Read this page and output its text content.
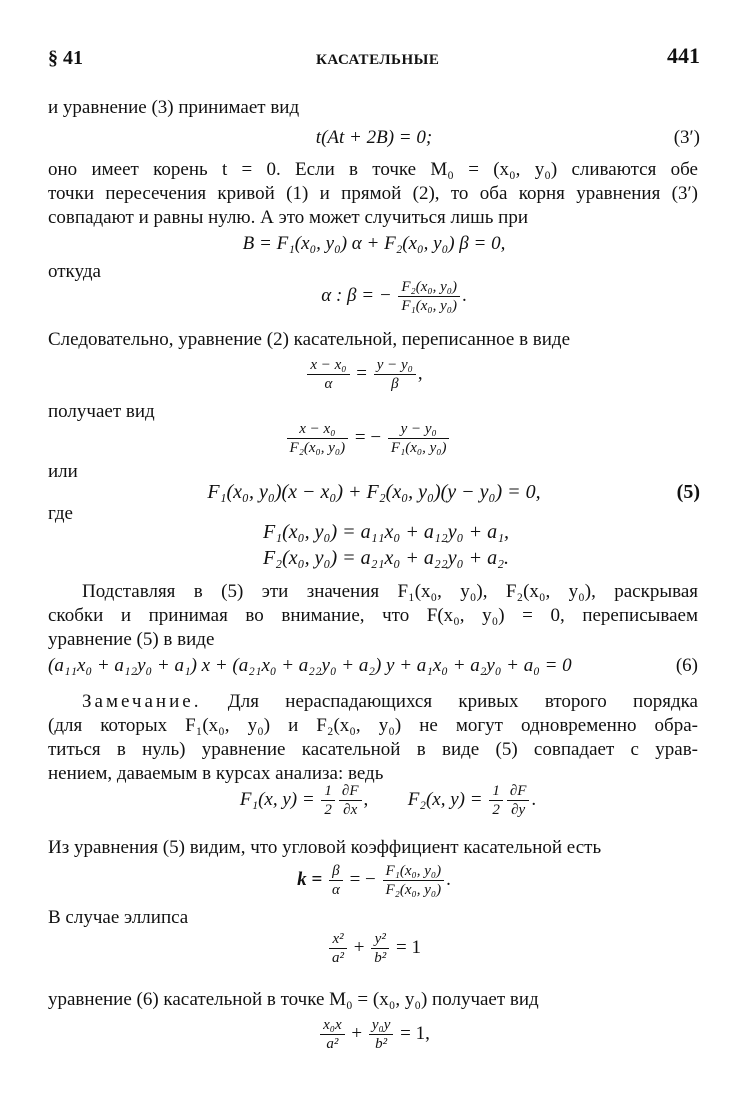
§ 41	КАСАТЕЛЬНЫЕ	441
и уравнение (3) принимает вид
t(At + 2B) = 0;	(3′)
оно имеет корень t = 0. Если в точке M₀ = (x₀, y₀) сливаются обе
точки пересечения кривой (1) и прямой (2), то оба корня уравнения (3′)
совпадают и равны нулю. А это может случиться лишь при
B = F₁(x₀, y₀) α + F₂(x₀, y₀) β = 0,
откуда
α : β = − $\frac{\text{F₂(x₀, y₀)}}{\text{F₁(x₀, y₀)}}$ .
Следовательно, уравнение (2) касательной, переписанное в виде
$\frac{\text{x − x₀}}{\alpha} = \frac{\text{y − y₀}}{\beta}$ ,
получает вид
$\frac{\text{x − x₀}}{\text{F₂(x₀, y₀)}}$ = − $\frac{\text{y − y₀}}{\text{F₁(x₀, y₀)}}$
или
F₁(x₀, y₀)(x − x₀) + F₂(x₀, y₀)(y − y₀) = 0,	(5)
где
F₁(x₀, y₀) = a₁₁x₀ + a₁₂y₀ + a₁,
F₂(x₀, y₀) = a₂₁x₀ + a₂₂y₀ + a₂.
Подставляя в (5) эти значения F₁(x₀, y₀), F₂(x₀, y₀), раскрывая
скобки и принимая во внимание, что F(x₀, y₀) = 0, переписываем
уравнение (5) в виде
(a₁₁x₀ + a₁₂y₀ + a₁) x + (a₂₁x₀ + a₂₂y₀ + a₂) y + a₁x₀ + a₂y₀ + a₀ = 0	(6)
Замечание. Для нераспадающихся кривых второго порядка
(для которых F₁(x₀, y₀) и F₂(x₀, y₀) не могут одновременно обра-
титься в нуль) уравнение касательной в виде (5) совпадает с урав-
нением, даваемым в курсах анализа: ведь
F₁(x, $y) = \frac{1}{2} \frac{\partial F}{\partial x}$ , F₂(x, $y) = \frac{1}{2} \frac{\partial F}{\partial y}$ .
Из уравнения (5) видим, что угловой коэффициент касательной есть
$k = \frac{\beta}{\alpha}$ = − $\frac{\text{F₁(x₀, y₀)}}{\text{F₂(x₀, y₀)}}$ .
В случае эллипса
$\frac{\text{x²}}{\text{a²}} + \frac{\text{y²}}{\text{b²}} = 1$
уравнение (6) касательной в точке M₀ = (x₀, y₀) получает вид
$\frac{\text{x₀x}}{\text{a²}} + \frac{\text{y₀y}}{\text{b²}} = 1$,
